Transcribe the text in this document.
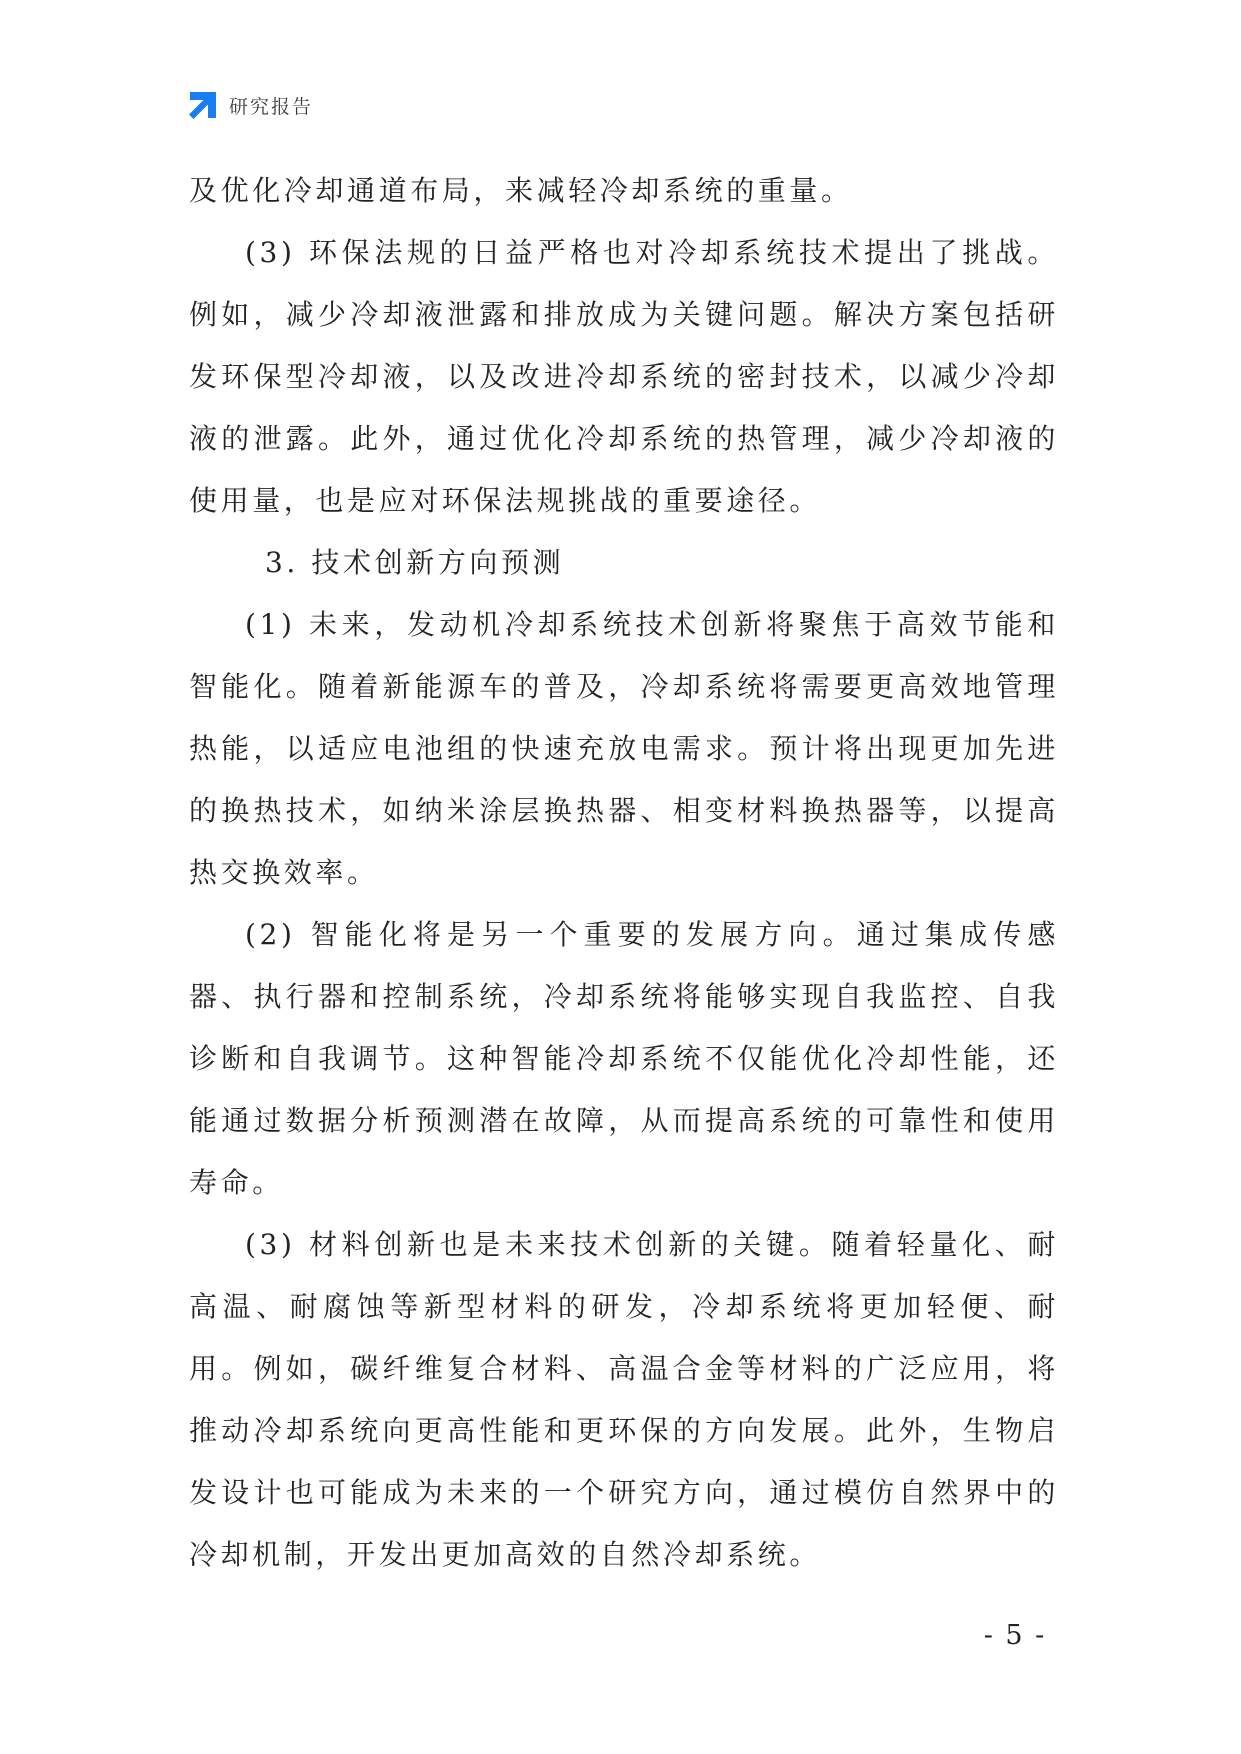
研究报告

及优化冷却通道布局，来减轻冷却系统的重量。

(3) 环保法规的日益严格也对冷却系统技术提出了挑战。例如，减少冷却液泄露和排放成为关键问题。解决方案包括研发环保型冷却液，以及改进冷却系统的密封技术，以减少冷却液的泄露。此外，通过优化冷却系统的热管理，减少冷却液的使用量，也是应对环保法规挑战的重要途径。

3. 技术创新方向预测

(1) 未来，发动机冷却系统技术创新将聚焦于高效节能和智能化。随着新能源车的普及，冷却系统将需要更高效地管理热能，以适应电池组的快速充放电需求。预计将出现更加先进的换热技术，如纳米涂层换热器、相变材料换热器等，以提高热交换效率。

(2) 智能化将是另一个重要的发展方向。通过集成传感器、执行器和控制系统，冷却系统将能够实现自我监控、自我诊断和自我调节。这种智能冷却系统不仅能优化冷却性能，还能通过数据分析预测潜在故障，从而提高系统的可靠性和使用寿命。

(3) 材料创新也是未来技术创新的关键。随着轻量化、耐高温、耐腐蚀等新型材料的研发，冷却系统将更加轻便、耐用。例如，碳纤维复合材料、高温合金等材料的广泛应用，将推动冷却系统向更高性能和更环保的方向发展。此外，生物启发设计也可能成为未来的一个研究方向，通过模仿自然界中的冷却机制，开发出更加高效的自然冷却系统。

- 5 -
